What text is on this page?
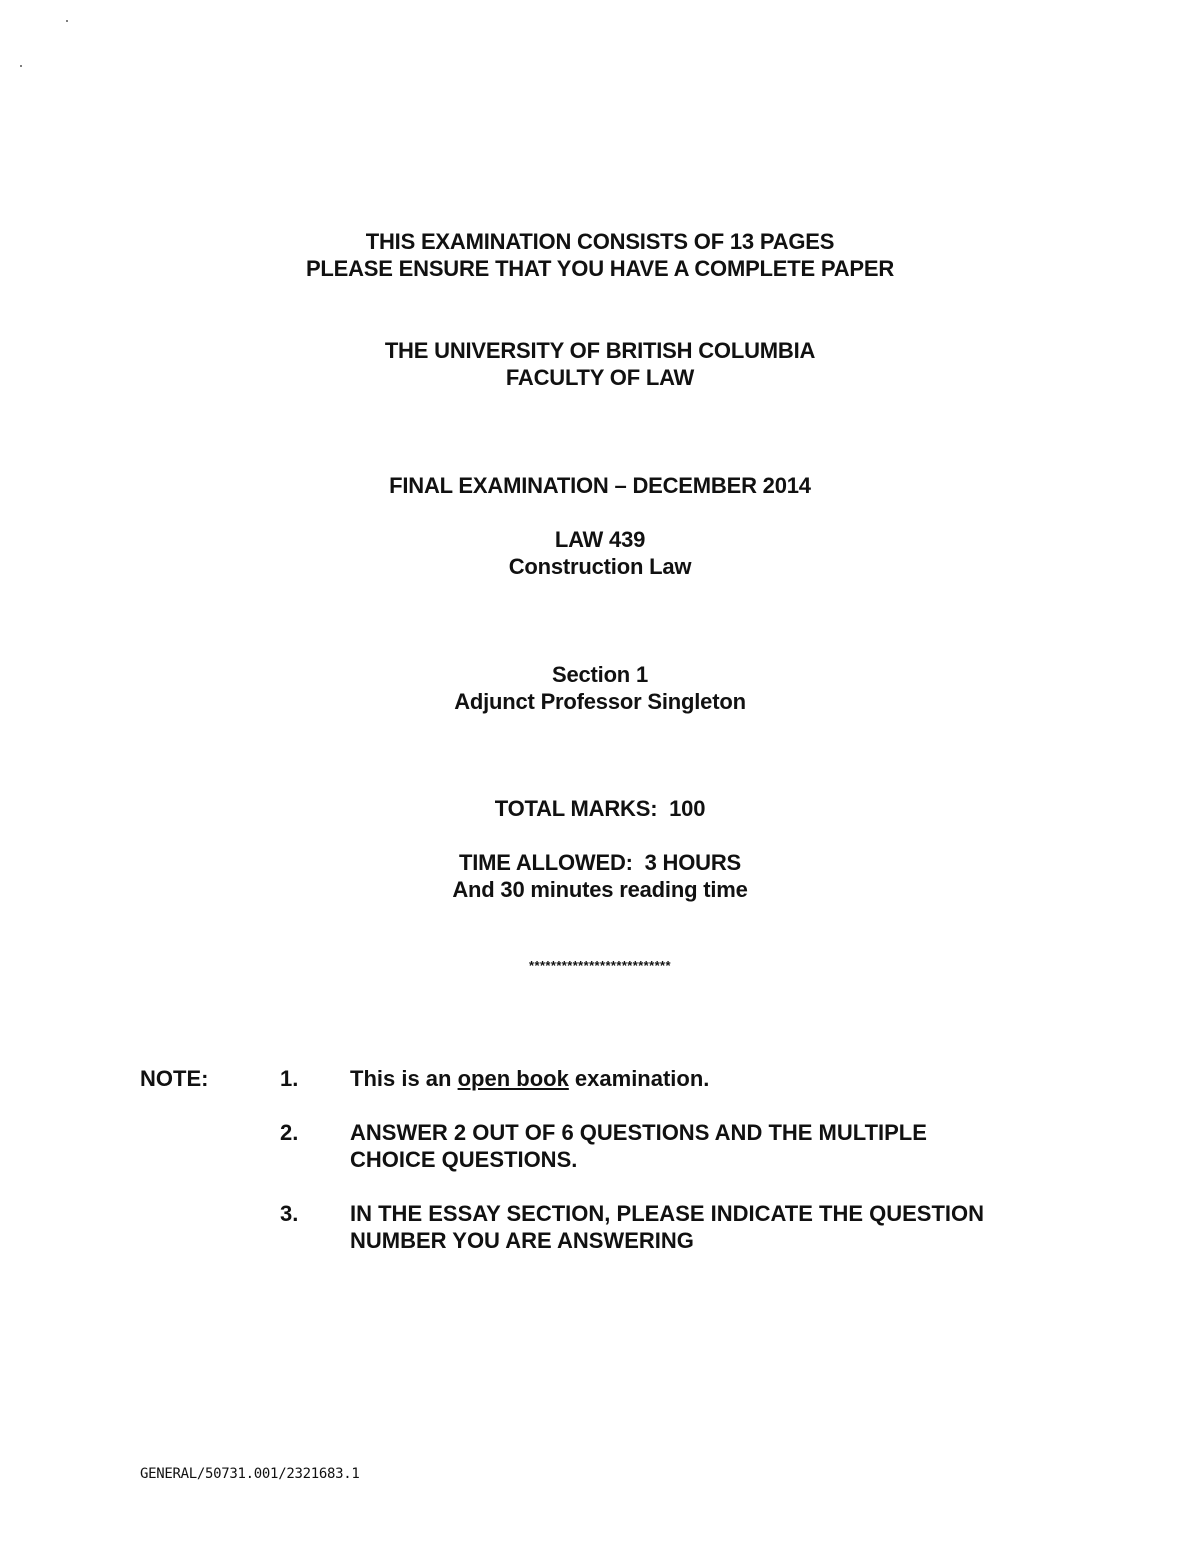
THIS EXAMINATION CONSISTS OF 13 PAGES
PLEASE ENSURE THAT YOU HAVE A COMPLETE PAPER
THE UNIVERSITY OF BRITISH COLUMBIA
FACULTY OF LAW
FINAL EXAMINATION – DECEMBER 2014
LAW 439
Construction Law
Section 1
Adjunct Professor Singleton
TOTAL MARKS:  100
TIME ALLOWED:  3 HOURS
And 30 minutes reading time
**************************
NOTE:	1. This is an open book examination.
2. ANSWER 2 OUT OF 6 QUESTIONS AND THE MULTIPLE
CHOICE QUESTIONS.
3. IN THE ESSAY SECTION, PLEASE INDICATE THE QUESTION
NUMBER YOU ARE ANSWERING
GENERAL/50731.001/2321683.1
